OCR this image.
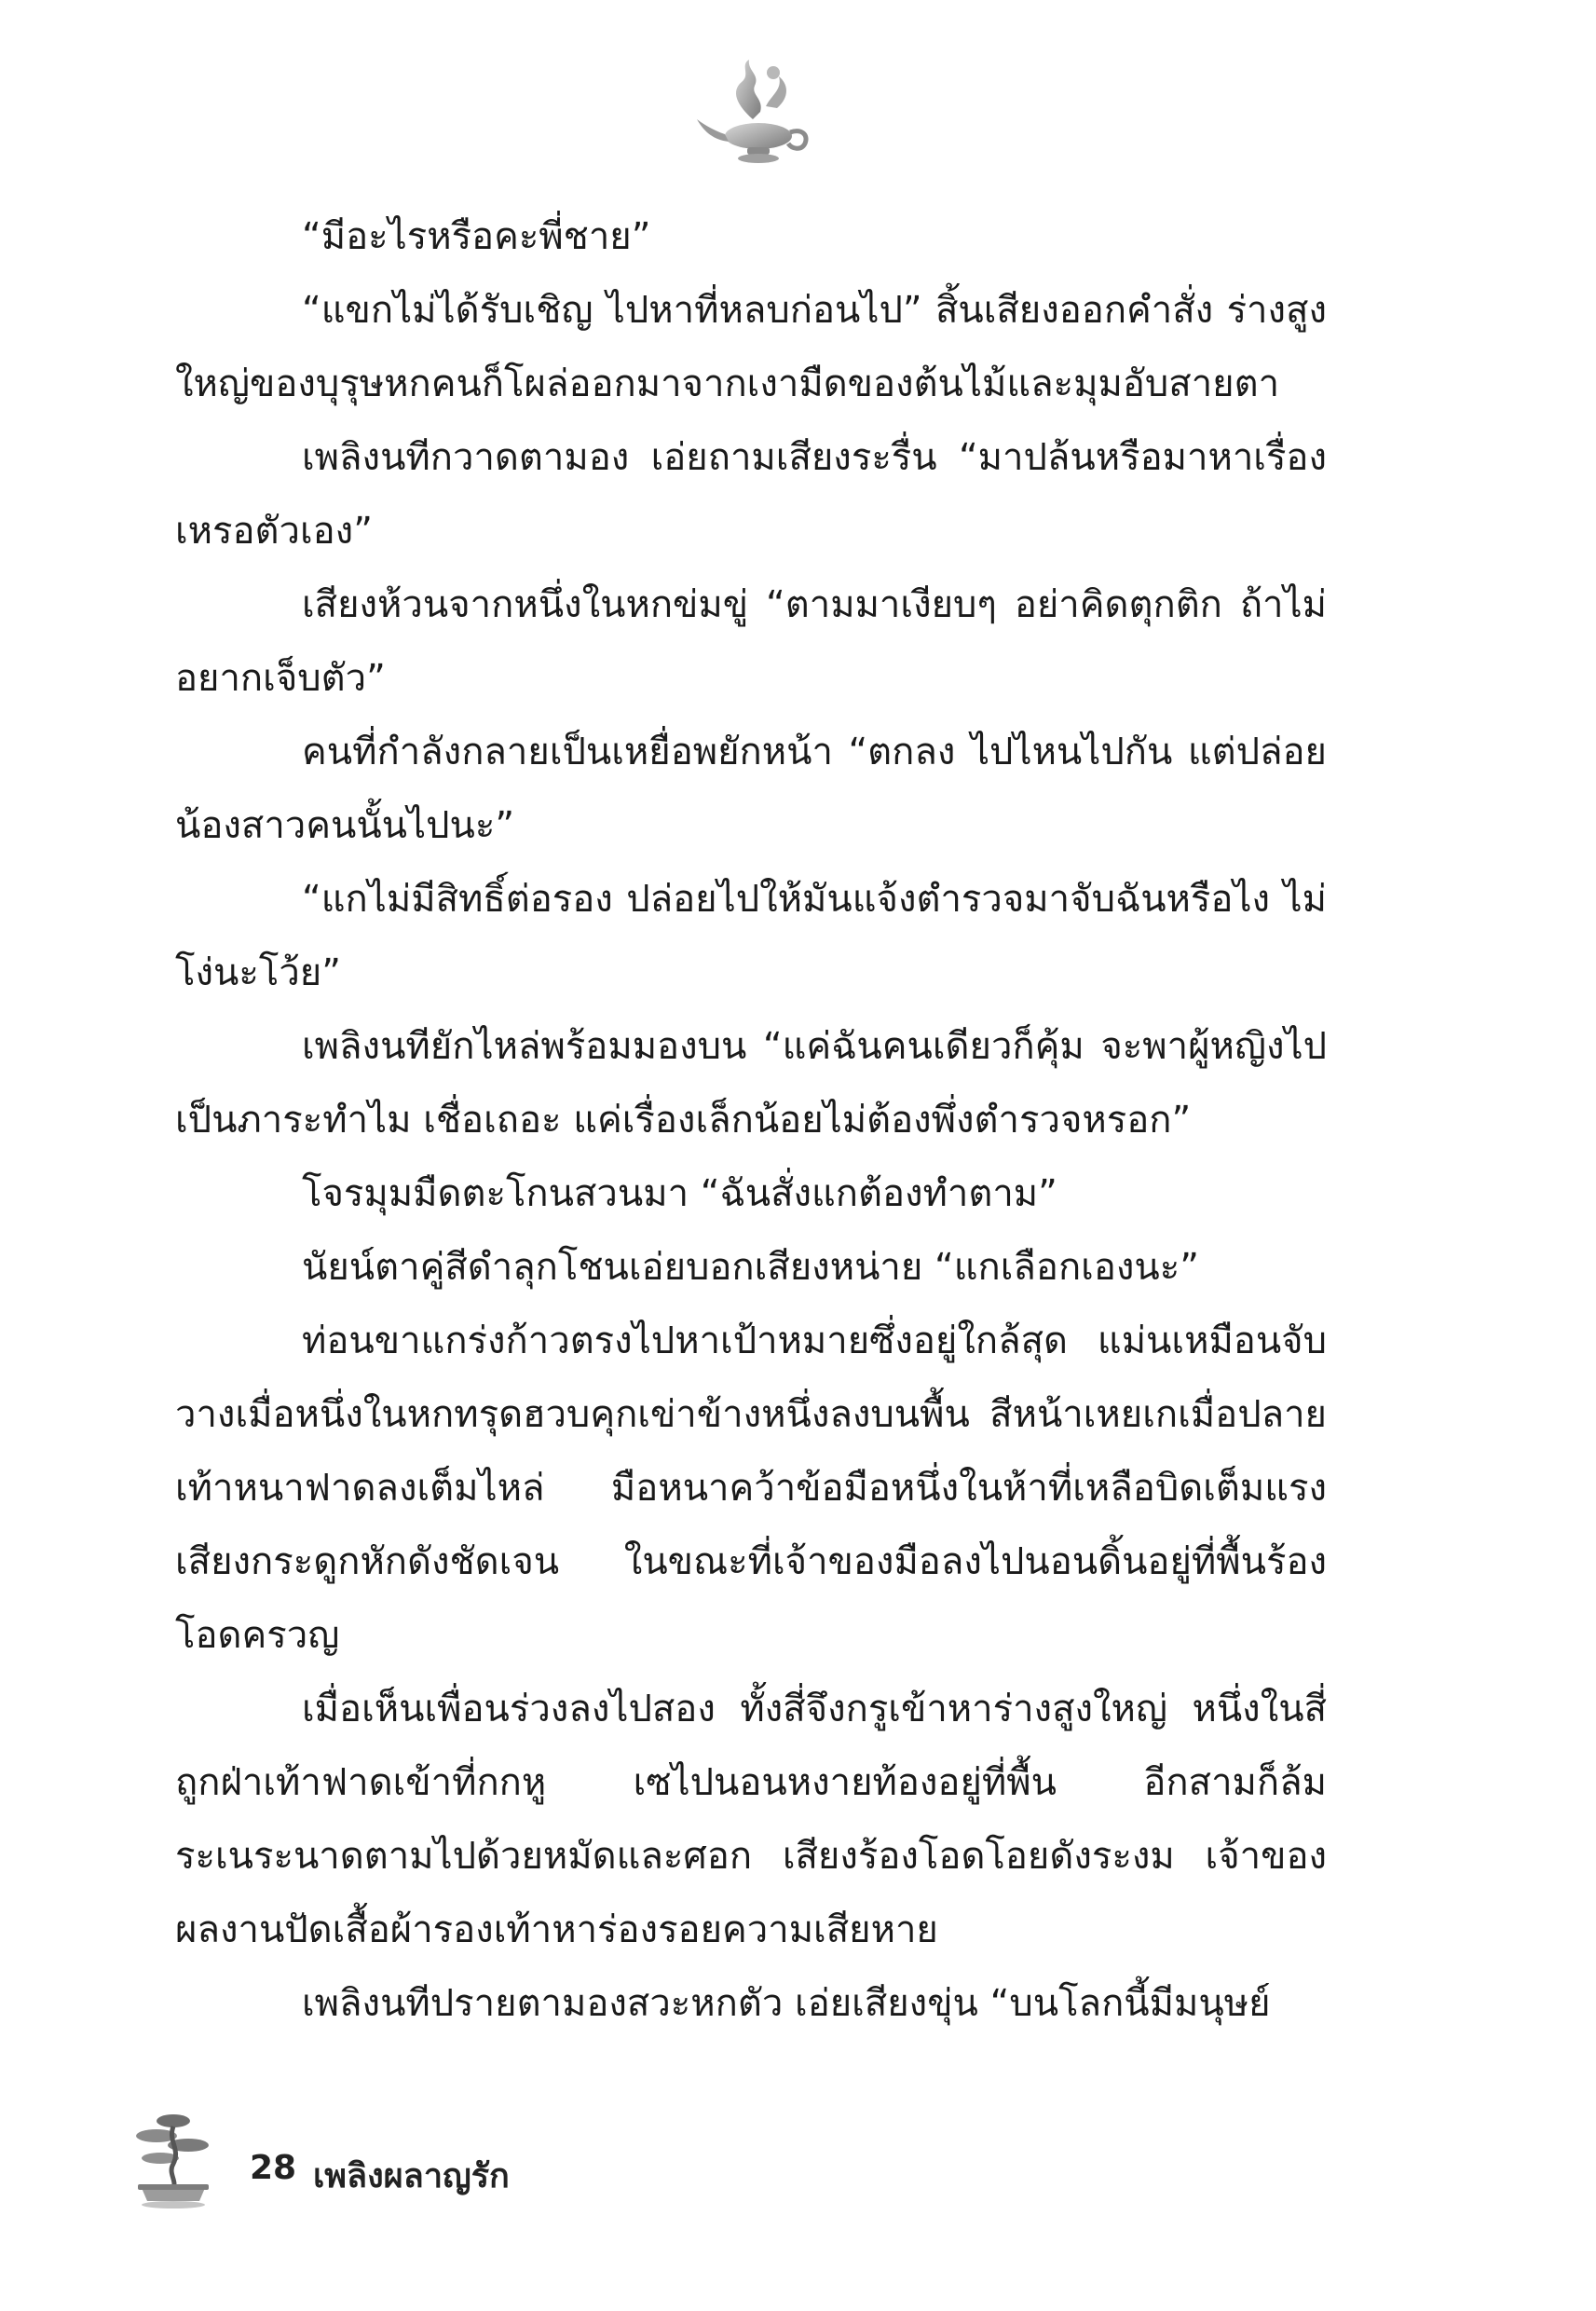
“มีอะไรหรือคะพี่ชาย”

“แขกไม่ได้รับเชิญ ไปหาที่หลบก่อนไป” สิ้นเสียงออกคำสั่ง ร่างสูงใหญ่ของบุรุษหกคนก็โผล่ออกมาจากเงามืดของต้นไม้และมุมอับสายตา

เพลิงนทีกวาดตามอง เอ่ยถามเสียงระรื่น “มาปล้นหรือมาหาเรื่องเหรอตัวเอง”

เสียงห้วนจากหนึ่งในหกข่มขู่ “ตามมาเงียบๆ อย่าคิดตุกติก ถ้าไม่อยากเจ็บตัว”

คนที่กำลังกลายเป็นเหยื่อพยักหน้า “ตกลง ไปไหนไปกัน แต่ปล่อยน้องสาวคนนั้นไปนะ”

“แกไม่มีสิทธิ์ต่อรอง ปล่อยไปให้มันแจ้งตำรวจมาจับฉันหรือไง ไม่โง่นะโว้ย”

เพลิงนทียักไหล่พร้อมมองบน “แค่ฉันคนเดียวก็คุ้ม จะพาผู้หญิงไปเป็นภาระทำไม เชื่อเถอะ แค่เรื่องเล็กน้อยไม่ต้องพึ่งตำรวจหรอก”

โจรมุมมืดตะโกนสวนมา “ฉันสั่งแกต้องทำตาม”

นัยน์ตาคู่สีดำลุกโชนเอ่ยบอกเสียงหน่าย “แกเลือกเองนะ”

ท่อนขาแกร่งก้าวตรงไปหาเป้าหมายซึ่งอยู่ใกล้สุด แม่นเหมือนจับวางเมื่อหนึ่งในหกทรุดฮวบคุกเข่าข้างหนึ่งลงบนพื้น สีหน้าเหยเกเมื่อปลายเท้าหนาฟาดลงเต็มไหล่ มือหนาคว้าข้อมือหนึ่งในห้าที่เหลือบิดเต็มแรง เสียงกระดูกหักดังชัดเจน ในขณะที่เจ้าของมือลงไปนอนดิ้นอยู่ที่พื้นร้องโอดครวญ

เมื่อเห็นเพื่อนร่วงลงไปสอง ทั้งสี่จึงกรูเข้าหาร่างสูงใหญ่ หนึ่งในสี่ถูกฝ่าเท้าฟาดเข้าที่กกหู เซไปนอนหงายท้องอยู่ที่พื้น อีกสามก็ล้มระเนระนาดตามไปด้วยหมัดและศอก เสียงร้องโอดโอยดังระงม เจ้าของผลงานปัดเสื้อผ้ารองเท้าหาร่องรอยความเสียหาย

เพลิงนทีปรายตามองสวะหกตัว เอ่ยเสียงขุ่น “บนโลกนี้มีมนุษย์

28 เพลิงผลาญรัก
